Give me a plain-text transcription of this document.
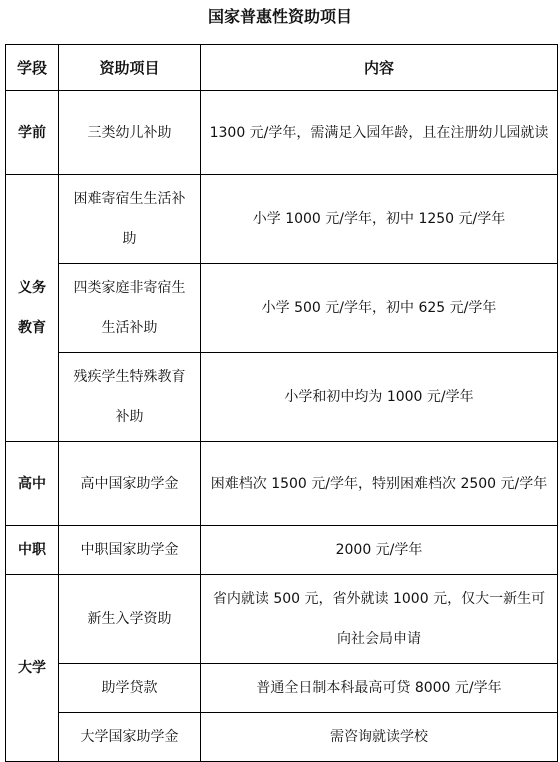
国家普惠性资助项目
学段	资助项目	内容
学前	三类幼儿补助	1300 元/学年，需满足入园年龄，且在注册幼儿园就读
义务教育	困难寄宿生生活补助	小学 1000 元/学年，初中 1250 元/学年
	四类家庭非寄宿生生活补助	小学 500 元/学年，初中 625 元/学年
	残疾学生特殊教育补助	小学和初中均为 1000 元/学年
高中	高中国家助学金	困难档次 1500 元/学年，特别困难档次 2500 元/学年
中职	中职国家助学金	2000 元/学年
大学	新生入学资助	省内就读 500 元，省外就读 1000 元，仅大一新生可向社会局申请
	助学贷款	普通全日制本科最高可贷 8000 元/学年
	大学国家助学金	需咨询就读学校
